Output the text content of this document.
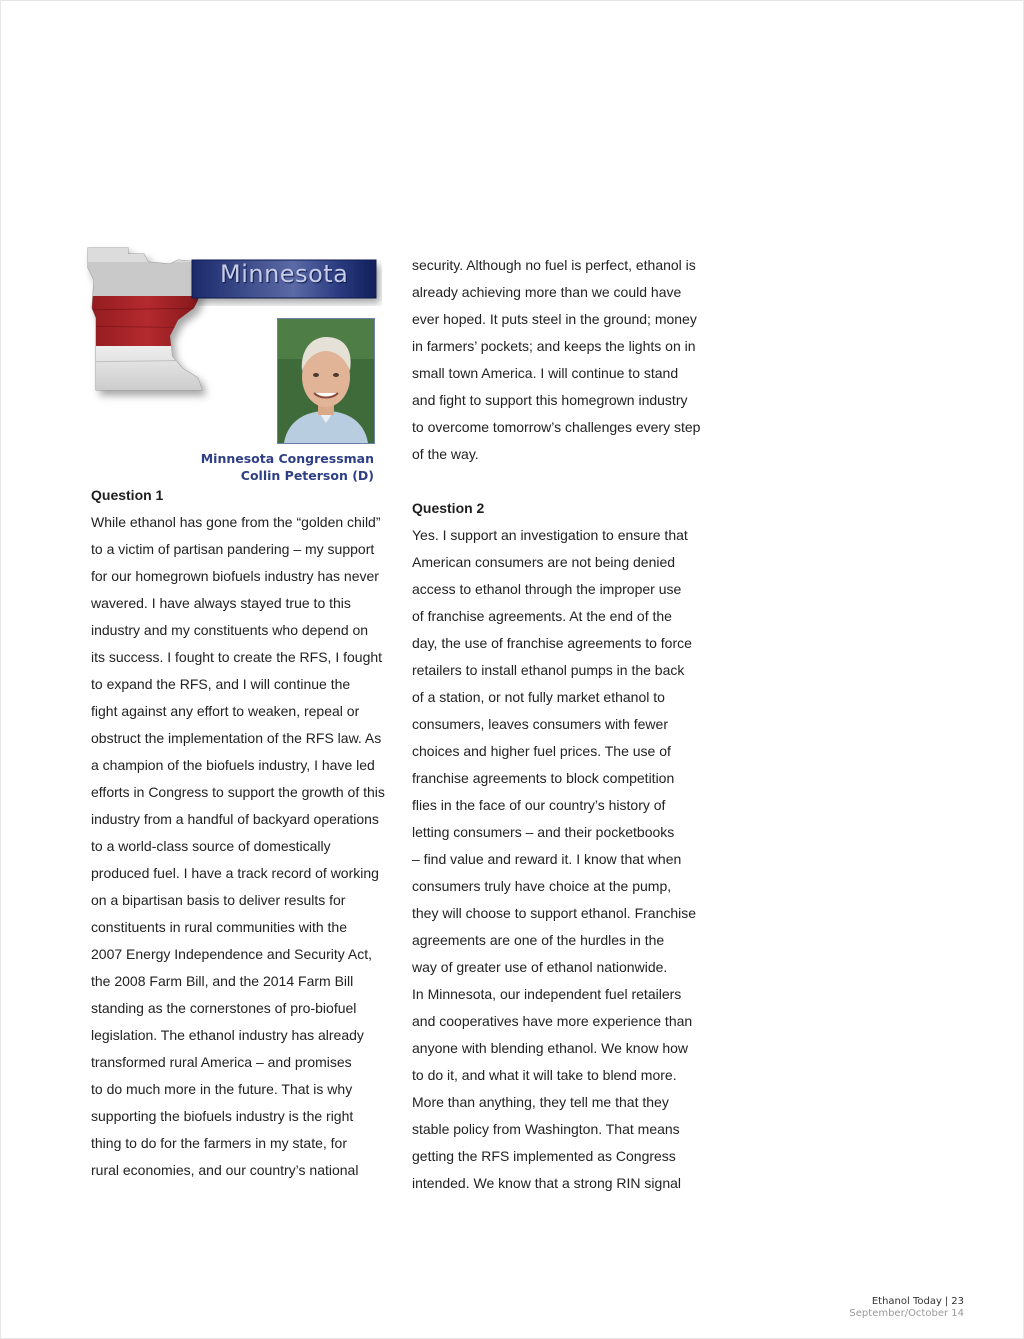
Minnesota
Minnesota Congressman
Collin Peterson (D)
Question 1
While ethanol has gone from the “golden child”
to a victim of partisan pandering – my support
for our homegrown biofuels industry has never
wavered. I have always stayed true to this
industry and my constituents who depend on
its success. I fought to create the RFS, I fought
to expand the RFS, and I will continue the
fight against any effort to weaken, repeal or
obstruct the implementation of the RFS law. As
a champion of the biofuels industry, I have led
efforts in Congress to support the growth of this
industry from a handful of backyard operations
to a world-class source of domestically
produced fuel. I have a track record of working
on a bipartisan basis to deliver results for
constituents in rural communities with the
2007 Energy Independence and Security Act,
the 2008 Farm Bill, and the 2014 Farm Bill
standing as the cornerstones of pro-biofuel
legislation. The ethanol industry has already
transformed rural America – and promises
to do much more in the future. That is why
supporting the biofuels industry is the right
thing to do for the farmers in my state, for
rural economies, and our country’s national
security. Although no fuel is perfect, ethanol is
already achieving more than we could have
ever hoped. It puts steel in the ground; money
in farmers’ pockets; and keeps the lights on in
small town America. I will continue to stand
and fight to support this homegrown industry
to overcome tomorrow’s challenges every step
of the way.
Question 2
Yes. I support an investigation to ensure that
American consumers are not being denied
access to ethanol through the improper use
of franchise agreements. At the end of the
day, the use of franchise agreements to force
retailers to install ethanol pumps in the back
of a station, or not fully market ethanol to
consumers, leaves consumers with fewer
choices and higher fuel prices. The use of
franchise agreements to block competition
flies in the face of our country’s history of
letting consumers – and their pocketbooks
– find value and reward it. I know that when
consumers truly have choice at the pump,
they will choose to support ethanol. Franchise
agreements are one of the hurdles in the
way of greater use of ethanol nationwide.
In Minnesota, our independent fuel retailers
and cooperatives have more experience than
anyone with blending ethanol. We know how
to do it, and what it will take to blend more.
More than anything, they tell me that they
stable policy from Washington. That means
getting the RFS implemented as Congress
intended. We know that a strong RIN signal
Ethanol Today | 23
September/October 14
